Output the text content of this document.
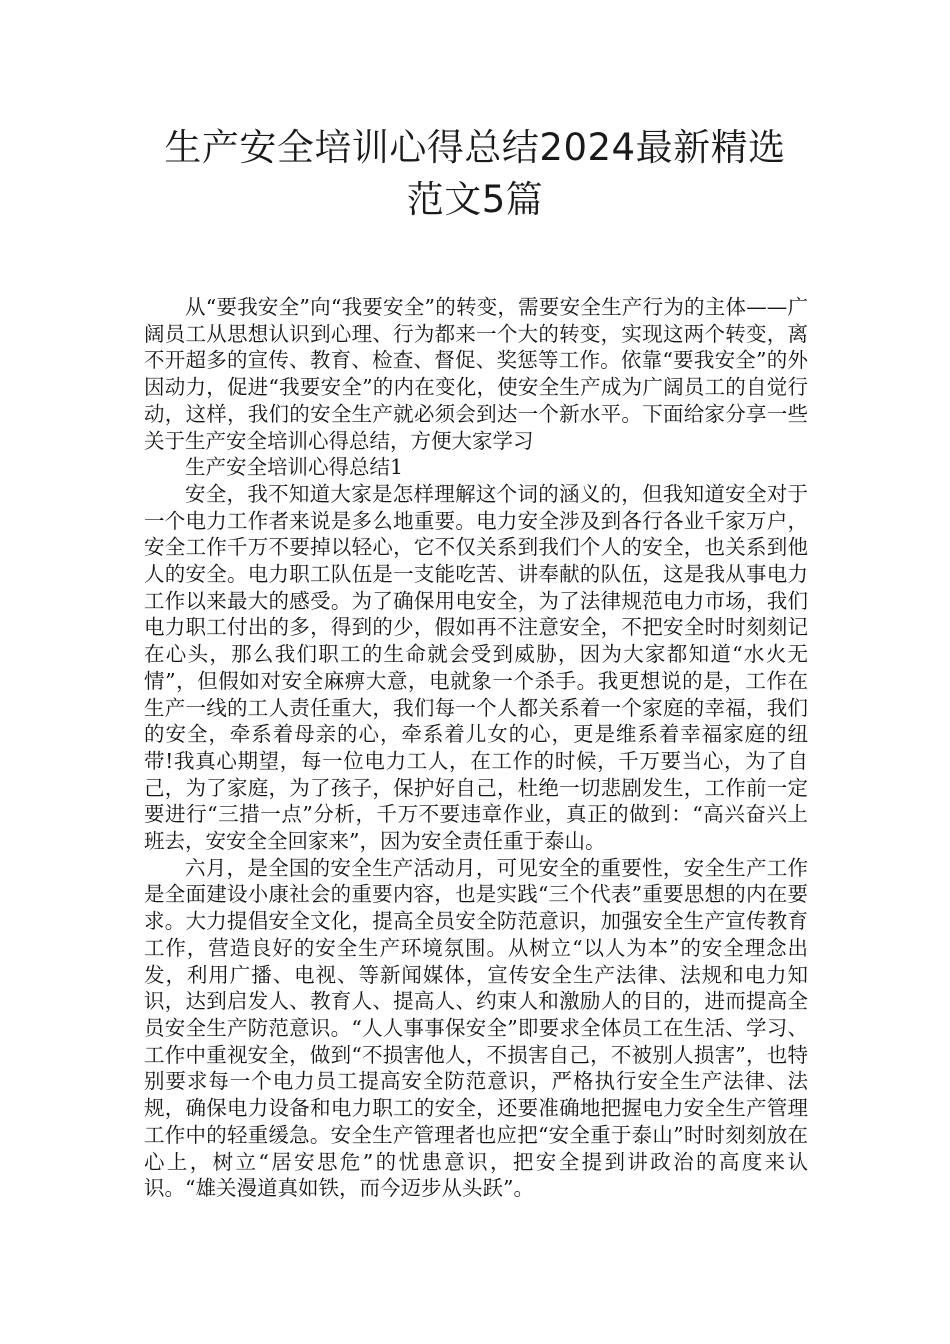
生产安全培训心得总结2024最新精选
范文5篇

从“要我安全”向“我要安全”的转变，需要安全生产行为的主体——广阔员工从思想认识到心理、行为都来一个大的转变，实现这两个转变，离不开超多的宣传、教育、检查、督促、奖惩等工作。依靠“要我安全”的外因动力，促进“我要安全”的内在变化，使安全生产成为广阔员工的自觉行动，这样，我们的安全生产就必须会到达一个新水平。下面给家分享一些关于生产安全培训心得总结，方便大家学习

生产安全培训心得总结1

安全，我不知道大家是怎样理解这个词的涵义的，但我知道安全对于一个电力工作者来说是多么地重要。电力安全涉及到各行各业千家万户，安全工作千万不要掉以轻心，它不仅关系到我们个人的安全，也关系到他人的安全。电力职工队伍是一支能吃苦、讲奉献的队伍，这是我从事电力工作以来最大的感受。为了确保用电安全，为了法律规范电力市场，我们电力职工付出的多，得到的少，假如再不注意安全，不把安全时时刻刻记在心头，那么我们职工的生命就会受到威胁，因为大家都知道“水火无情”，但假如对安全麻痹大意，电就象一个杀手。我更想说的是，工作在生产一线的工人责任重大，我们每一个人都关系着一个家庭的幸福，我们的安全，牵系着母亲的心，牵系着儿女的心，更是维系着幸福家庭的纽带!我真心期望，每一位电力工人，在工作的时候，千万要当心，为了自己，为了家庭，为了孩子，保护好自己，杜绝一切悲剧发生，工作前一定要进行“三措一点”分析，千万不要违章作业，真正的做到：“高兴奋兴上班去，安安全全回家来”，因为安全责任重于泰山。

六月，是全国的安全生产活动月，可见安全的重要性，安全生产工作是全面建设小康社会的重要内容，也是实践“三个代表”重要思想的内在要求。大力提倡安全文化，提高全员安全防范意识，加强安全生产宣传教育工作，营造良好的安全生产环境氛围。从树立“以人为本”的安全理念出发，利用广播、电视、等新闻媒体，宣传安全生产法律、法规和电力知识，达到启发人、教育人、提高人、约束人和激励人的目的，进而提高全员安全生产防范意识。“人人事事保安全”即要求全体员工在生活、学习、工作中重视安全，做到“不损害他人，不损害自己，不被别人损害”，也特别要求每一个电力员工提高安全防范意识，严格执行安全生产法律、法规，确保电力设备和电力职工的安全，还要准确地把握电力安全生产管理工作中的轻重缓急。安全生产管理者也应把“安全重于泰山”时时刻刻放在心上，树立“居安思危”的忧患意识，把安全提到讲政治的高度来认识。“雄关漫道真如铁，而今迈步从头跃”。
